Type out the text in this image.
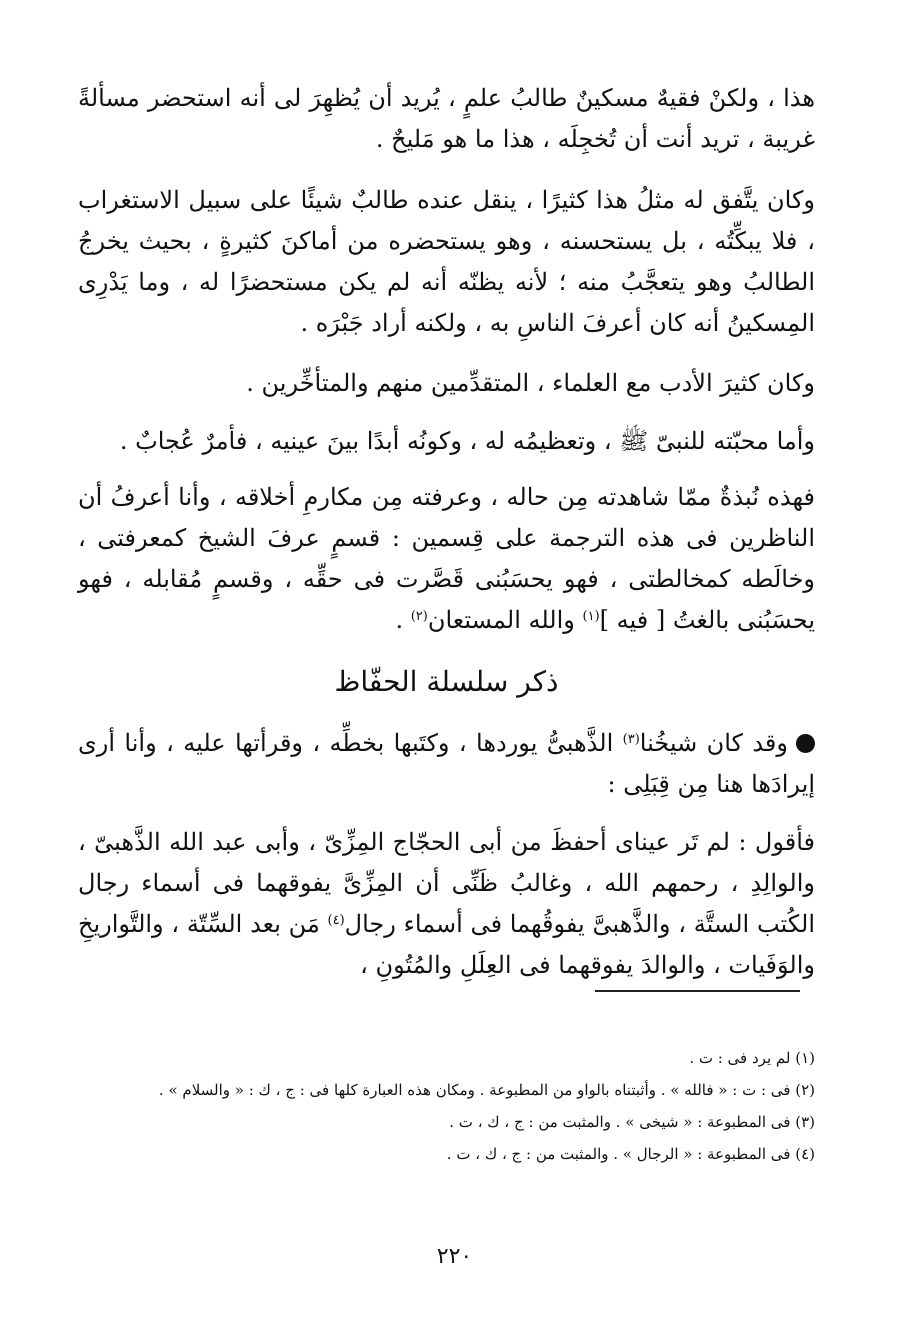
هذا ، ولكنْ فقيهٌ مسكينٌ طالبُ علمٍ ، يُريد أن يُظهِرَ لى أنه استحضر مسألةً غريبة ، تريد أنت أن تُخجِلَه ، هذا ما هو مَليحٌ .

وكان يتَّفق له مثلُ هذا كثيرًا ، ينقل عنده طالبٌ شيئًا على سبيل الاستغراب ، فلا يبكِّتُه ، بل يستحسنه ، وهو يستحضره من أماكنَ كثيرةٍ ، بحيث يخرجُ الطالبُ وهو يتعجَّبُ منه ؛ لأنه يظنّه أنه لم يكن مستحضرًا له ، وما يَدْرِى المِسكينُ أنه كان أعرفَ الناسِ به ، ولكنه أراد جَبْرَه .

وكان كثيرَ الأدب مع العلماء ، المتقدِّمين منهم والمتأخِّرين .

وأما محبّته للنبىّ ﷺ ، وتعظيمُه له ، وكونُه أبدًا بينَ عينيه ، فأمرٌ عُجابٌ .

فهذه نُبذةٌ ممّا شاهدته مِن حاله ، وعرفته مِن مكارمِ أخلاقه ، وأنا أعرفُ أن الناظرين فى هذه الترجمة على قِسمين : قسمٍ عرفَ الشيخ كمعرفتى ، وخالَطه كمخالطتى ، فهو يحسَبُنى قَصَّرت فى حقِّه ، وقسمٍ مُقابله ، فهو يحسَبُنى بالغتُ [ فيه ]$^{(١)}$ والله المستعان$^{(٢)}$ .

ذكر سلسلة الحفّاظ

وقد كان شيخُنا$^{(٣)}$ الذَّهبىُّ يوردها ، وكتَبها بخطِّه ، وقرأتها عليه ، وأنا أرى إيرادَها هنا مِن قِبَلِى :

فأقول : لم تَر عيناى أحفظَ من أبى الحجّاج المِزِّىّ ، وأبى عبد الله الذَّهبىّ ، والوالِدِ ، رحمهم الله ، وغالبُ ظَنِّى أن المِزِّىَّ يفوقهما فى أسماء رجال الكُتب الستَّة ، والذَّهبىَّ يفوقُهما فى أسماء رجال$^{(٤)}$ مَن بعد السِّتّة ، والتَّواريخِ والوَفَيات ، والوالدَ يفوقهما فى العِلَلِ والمُتُونِ ،

(١) لم يرد فى : ت .

(٢) فى : ت : « فالله » . وأثبتناه بالواو من المطبوعة . ومكان هذه العبارة كلها فى : ج ، ك : « والسلام » .

(٣) فى المطبوعة : « شيخى » . والمثبت من : ج ، ك ، ت .

(٤) فى المطبوعة : « الرجال » . والمثبت من : ج ، ك ، ت .

٢٢٠
